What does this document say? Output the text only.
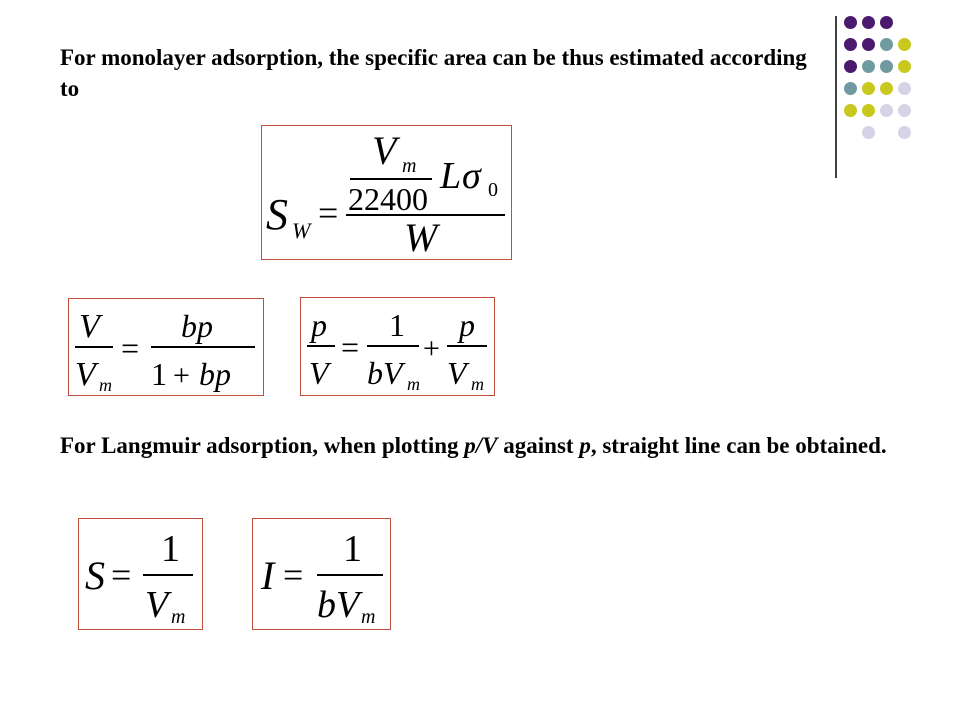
For monolayer adsorption, the specific area can be thus estimated according to

S W =
V m
22400
L σ 0
W
V
V m
=
bp
1 + bp
p
V
=
1
bV m
+
p
V m

For Langmuir adsorption, when plotting p/V against p, straight line can be obtained.

S =
1
V m
I =
1
bV m
